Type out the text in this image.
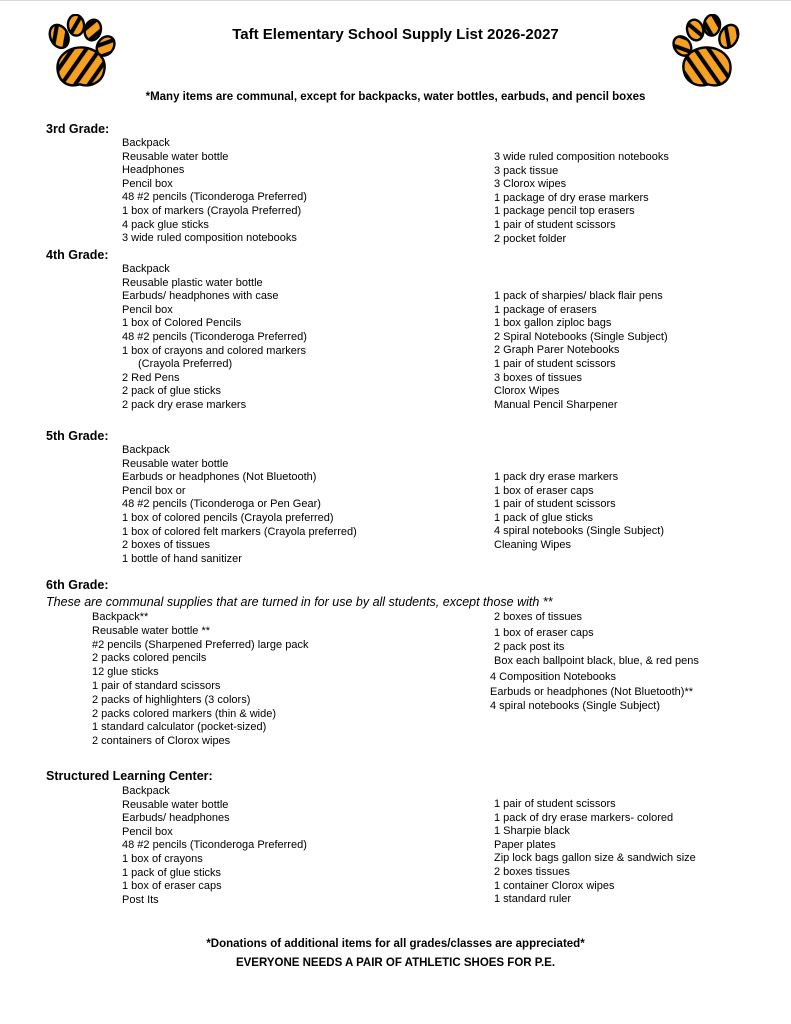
Taft Elementary School Supply List 2026-2027
*Many items are communal, except for backpacks, water bottles, earbuds, and pencil boxes
3rd Grade:
Backpack
Reusable water bottle
Headphones
Pencil box
48 #2 pencils (Ticonderoga Preferred)
1 box of markers (Crayola Preferred)
4 pack glue sticks
3 wide ruled composition notebooks
3 wide ruled composition notebooks
3 pack tissue
3 Clorox wipes
1 package of dry erase markers
1 package pencil top erasers
1 pair of student scissors
2 pocket folder
4th Grade:
Backpack
Reusable plastic water bottle
Earbuds/ headphones with case
Pencil box
1 box of Colored Pencils
48 #2 pencils (Ticonderoga Preferred)
1 box of crayons and colored markers
(Crayola Preferred)
2 Red Pens
2 pack of glue sticks
2 pack dry erase markers
1 pack of sharpies/ black flair pens
1 package of erasers
1 box gallon ziploc bags
2 Spiral Notebooks (Single Subject)
2 Graph Parer Notebooks
1 pair of student scissors
3 boxes of tissues
Clorox Wipes
Manual Pencil Sharpener
5th Grade:
Backpack
Reusable water bottle
Earbuds or headphones (Not Bluetooth)
Pencil box or
48 #2 pencils (Ticonderoga or Pen Gear)
1 box of colored pencils (Crayola preferred)
1 box of colored felt markers (Crayola preferred)
2 boxes of tissues
1 bottle of hand sanitizer
1 pack dry erase markers
1 box of eraser caps
1 pair of student scissors
1 pack of glue sticks
4 spiral notebooks (Single Subject)
Cleaning Wipes
6th Grade:
These are communal supplies that are turned in for use by all students, except those with **
Backpack**
Reusable water bottle **
#2 pencils (Sharpened Preferred) large pack
2 packs colored pencils
12 glue sticks
1 pair of standard scissors
2 packs of highlighters (3 colors)
2 packs colored markers (thin & wide)
1 standard calculator (pocket-sized)
2 containers of Clorox wipes
2 boxes of tissues
1 box of eraser caps
2 pack post its
Box each ballpoint black, blue, & red pens
4 Composition Notebooks
Earbuds or headphones (Not Bluetooth)**
4 spiral notebooks (Single Subject)
Structured Learning Center:
Backpack
Reusable water bottle
Earbuds/ headphones
Pencil box
48 #2 pencils (Ticonderoga Preferred)
1 box of crayons
1 pack of glue sticks
1 box of eraser caps
Post Its
1 pair of student scissors
1 pack of dry erase markers- colored
1 Sharpie black
Paper plates
Zip lock bags gallon size & sandwich size
2 boxes tissues
1 container Clorox wipes
1 standard ruler
*Donations of additional items for all grades/classes are appreciated*
EVERYONE NEEDS A PAIR OF ATHLETIC SHOES FOR P.E.
